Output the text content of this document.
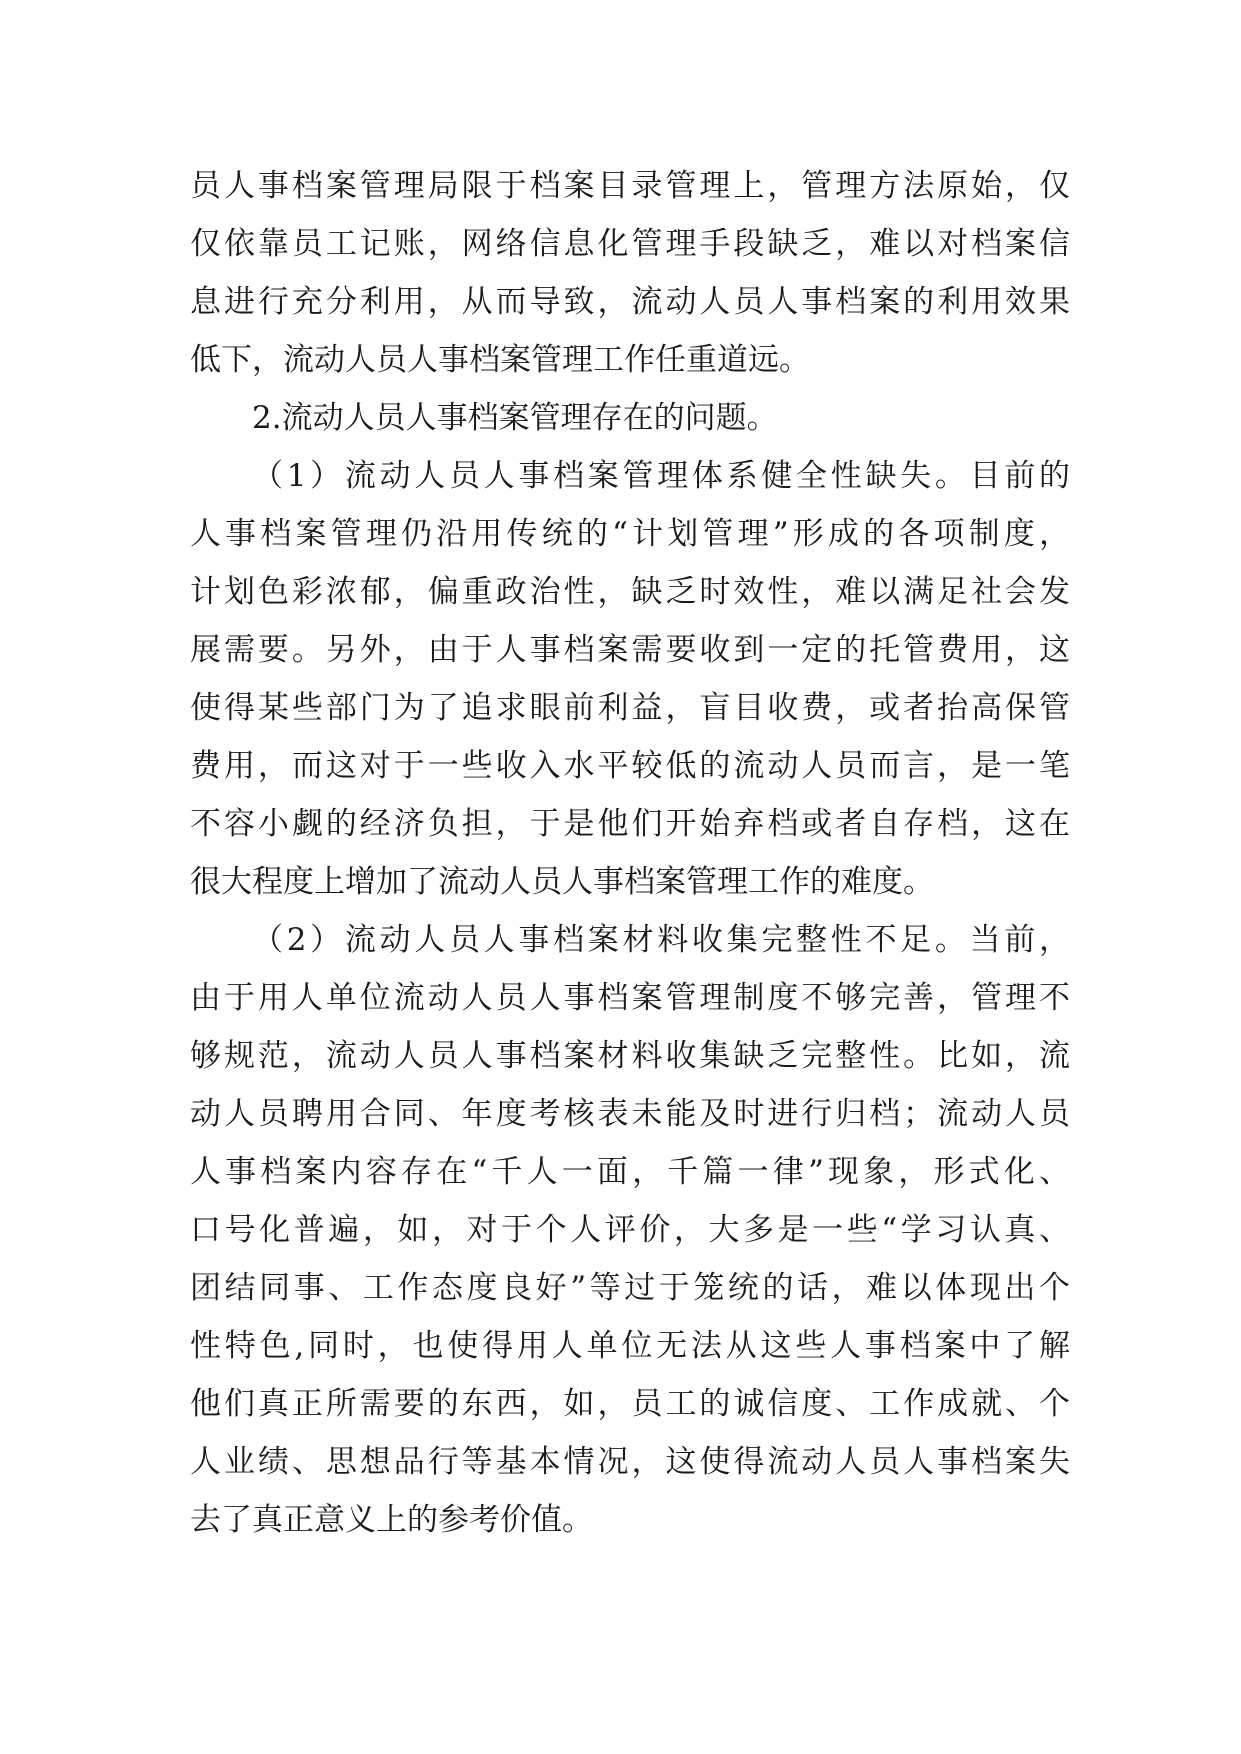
员人事档案管理局限于档案目录管理上，管理方法原始，仅
仅依靠员工记账，网络信息化管理手段缺乏，难以对档案信
息进行充分利用，从而导致，流动人员人事档案的利用效果
低下，流动人员人事档案管理工作任重道远。
2.流动人员人事档案管理存在的问题。
（1）流动人员人事档案管理体系健全性缺失。目前的
人事档案管理仍沿用传统的“计划管理”形成的各项制度，
计划色彩浓郁，偏重政治性，缺乏时效性，难以满足社会发
展需要。另外，由于人事档案需要收到一定的托管费用，这
使得某些部门为了追求眼前利益，盲目收费，或者抬高保管
费用，而这对于一些收入水平较低的流动人员而言，是一笔
不容小觑的经济负担，于是他们开始弃档或者自存档，这在
很大程度上增加了流动人员人事档案管理工作的难度。
（2）流动人员人事档案材料收集完整性不足。当前，
由于用人单位流动人员人事档案管理制度不够完善，管理不
够规范，流动人员人事档案材料收集缺乏完整性。比如，流
动人员聘用合同、年度考核表未能及时进行归档；流动人员
人事档案内容存在“千人一面，千篇一律”现象，形式化、
口号化普遍，如，对于个人评价，大多是一些“学习认真、
团结同事、工作态度良好”等过于笼统的话，难以体现出个
性特色,同时，也使得用人单位无法从这些人事档案中了解
他们真正所需要的东西，如，员工的诚信度、工作成就、个
人业绩、思想品行等基本情况，这使得流动人员人事档案失
去了真正意义上的参考价值。
